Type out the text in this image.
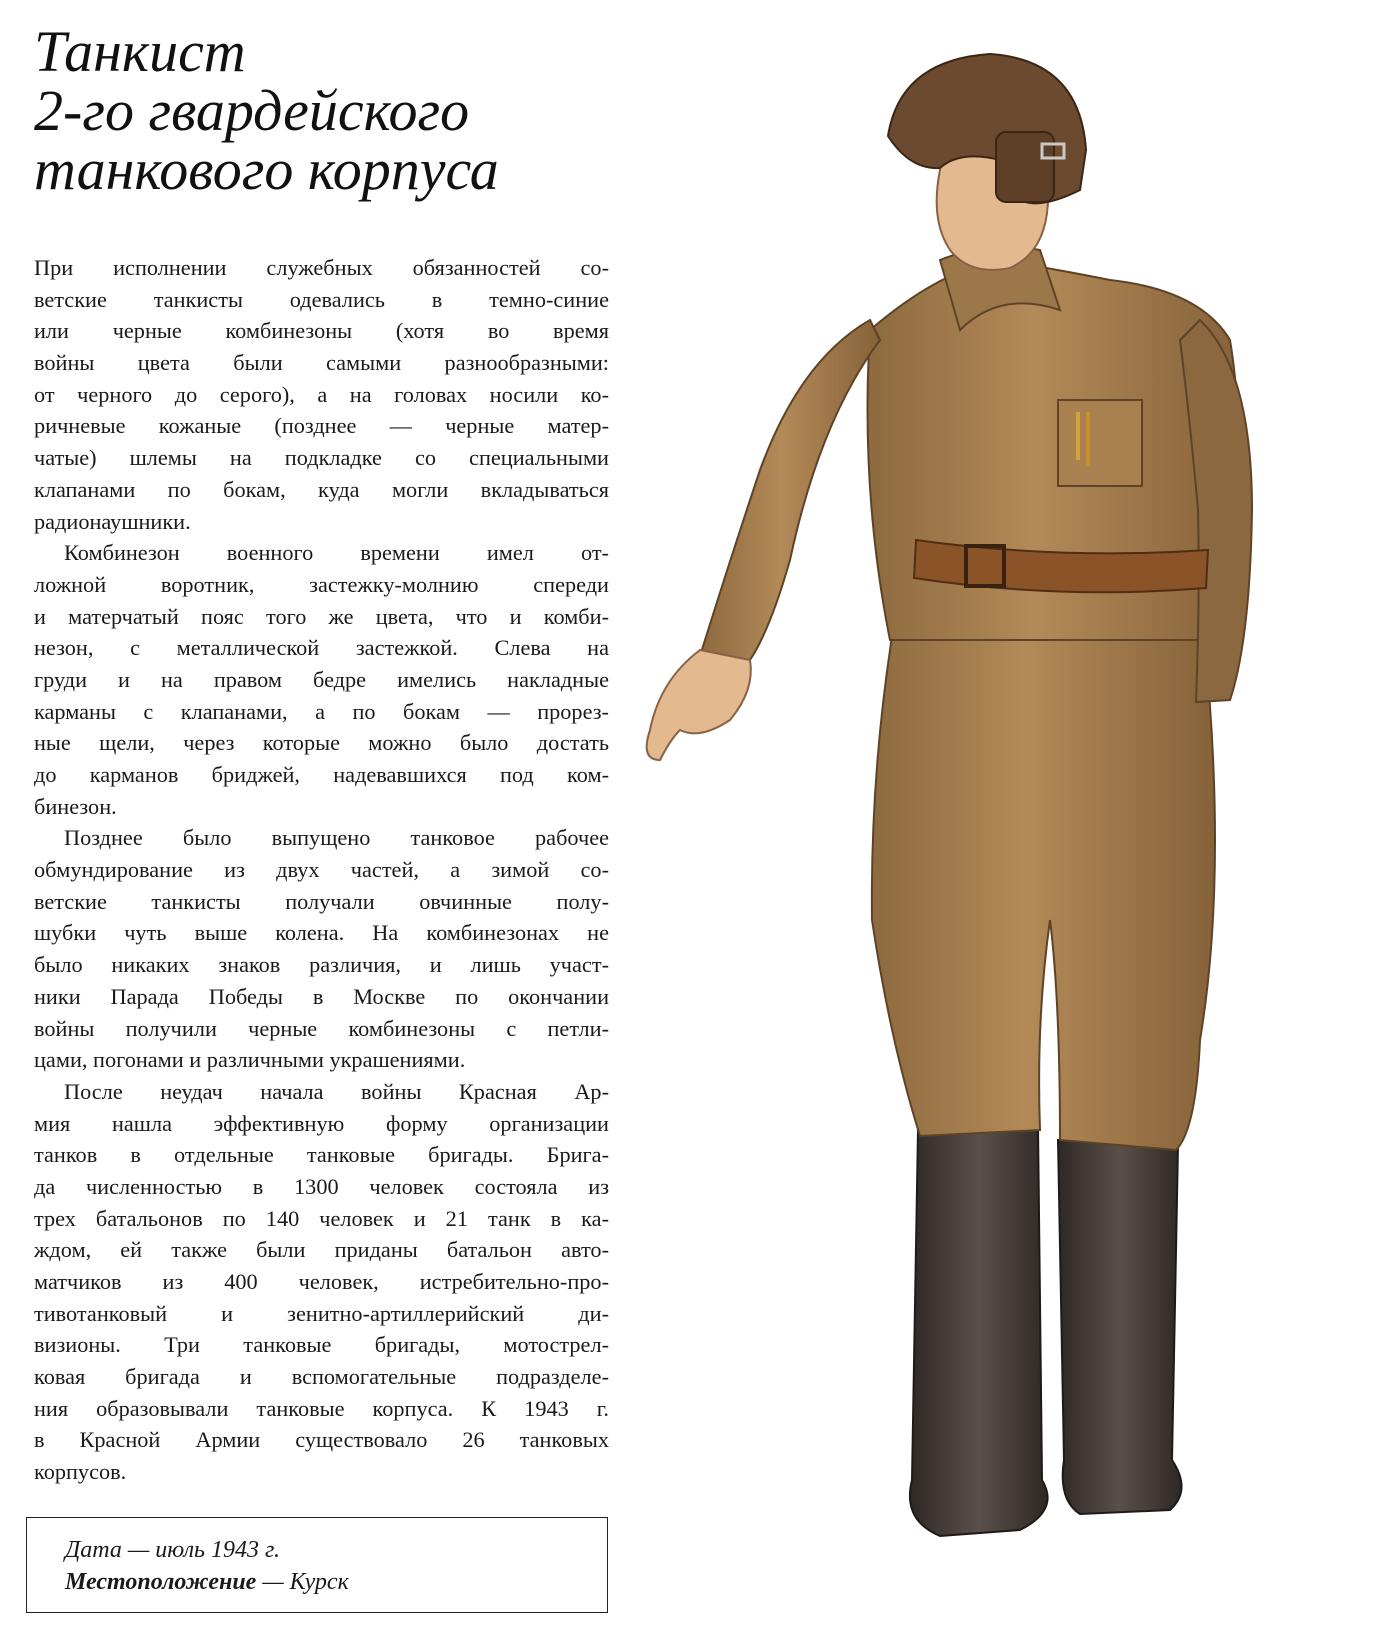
Танкист
2-го гвардейского
танкового корпуса
При исполнении служебных обязанностей со-
ветские танкисты одевались в темно-синие
или черные комбинезоны (хотя во время
войны цвета были самыми разнообразными:
от черного до серого), а на головах носили ко-
ричневые кожаные (позднее — черные матер-
чатые) шлемы на подкладке со специальными
клапанами по бокам, куда могли вкладываться
радионаушники.
Комбинезон военного времени имел от-
ложной воротник, застежку-молнию спереди
и матерчатый пояс того же цвета, что и комби-
незон, с металлической застежкой. Слева на
груди и на правом бедре имелись накладные
карманы с клапанами, а по бокам — прорез-
ные щели, через которые можно было достать
до карманов бриджей, надевавшихся под ком-
бинезон.
Позднее было выпущено танковое рабочее
обмундирование из двух частей, а зимой со-
ветские танкисты получали овчинные полу-
шубки чуть выше колена. На комбинезонах не
было никаких знаков различия, и лишь участ-
ники Парада Победы в Москве по окончании
войны получили черные комбинезоны с петли-
цами, погонами и различными украшениями.
После неудач начала войны Красная Ар-
мия нашла эффективную форму организации
танков в отдельные танковые бригады. Брига-
да численностью в 1300 человек состояла из
трех батальонов по 140 человек и 21 танк в ка-
ждом, ей также были приданы батальон авто-
матчиков из 400 человек, истребительно-про-
тивотанковый и зенитно-артиллерийский ди-
визионы. Три танковые бригады, мотострел-
ковая бригада и вспомогательные подразделе-
ния образовывали танковые корпуса. К 1943 г.
в Красной Армии существовало 26 танковых
корпусов.
Дата — июль 1943 г.
Местоположение — Курск
